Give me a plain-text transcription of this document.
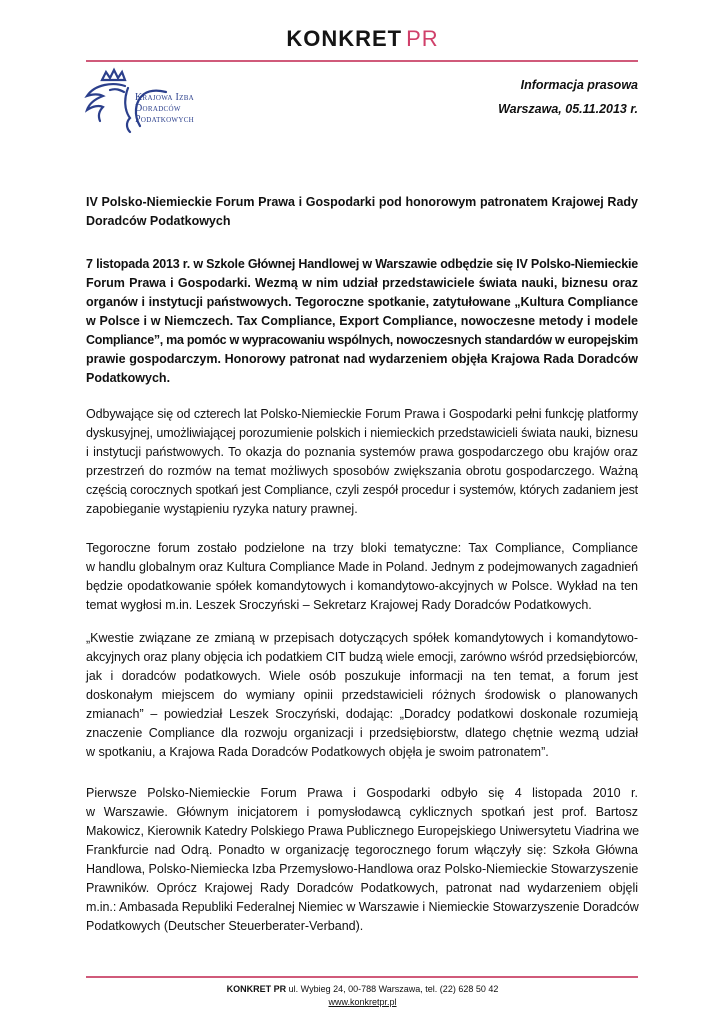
KONKRET PR
Krajowa Izba
Doradców
Podatkowych
Informacja prasowa
Warszawa, 05.11.2013 r.
IV Polsko-Niemieckie Forum Prawa i Gospodarki pod honorowym patronatem Krajowej Rady
Doradców Podatkowych
7 listopada 2013 r. w Szkole Głównej Handlowej w Warszawie odbędzie się IV Polsko-Niemieckie
Forum Prawa i Gospodarki. Wezmą w nim udział przedstawiciele świata nauki, biznesu oraz
organów i instytucji państwowych. Tegoroczne spotkanie, zatytułowane „Kultura Compliance
w Polsce i w Niemczech. Tax Compliance, Export Compliance, nowoczesne metody i modele
Compliance”, ma pomóc w wypracowaniu wspólnych, nowoczesnych standardów w europejskim
prawie gospodarczym. Honorowy patronat nad wydarzeniem objęła Krajowa Rada Doradców
Podatkowych.
Odbywające się od czterech lat Polsko-Niemieckie Forum Prawa i Gospodarki pełni funkcję platformy
dyskusyjnej, umożliwiającej porozumienie polskich i niemieckich przedstawicieli świata nauki, biznesu
i instytucji państwowych. To okazja do poznania systemów prawa gospodarczego obu krajów oraz
przestrzeń do rozmów na temat możliwych sposobów zwiększania obrotu gospodarczego. Ważną
częścią corocznych spotkań jest Compliance, czyli zespół procedur i systemów, których zadaniem jest
zapobieganie wystąpieniu ryzyka natury prawnej.
Tegoroczne forum zostało podzielone na trzy bloki tematyczne: Tax Compliance, Compliance
w handlu globalnym oraz Kultura Compliance Made in Poland. Jednym z podejmowanych zagadnień
będzie opodatkowanie spółek komandytowych i komandytowo-akcyjnych w Polsce. Wykład na ten
temat wygłosi m.in. Leszek Sroczyński – Sekretarz Krajowej Rady Doradców Podatkowych.
„Kwestie związane ze zmianą w przepisach dotyczących spółek komandytowych i komandytowo-
akcyjnych oraz plany objęcia ich podatkiem CIT budzą wiele emocji, zarówno wśród przedsiębiorców,
jak i doradców podatkowych. Wiele osób poszukuje informacji na ten temat, a forum jest
doskonałym miejscem do wymiany opinii przedstawicieli różnych środowisk o planowanych
zmianach” – powiedział Leszek Sroczyński, dodając: „Doradcy podatkowi doskonale rozumieją
znaczenie Compliance dla rozwoju organizacji i przedsiębiorstw, dlatego chętnie wezmą udział
w spotkaniu, a Krajowa Rada Doradców Podatkowych objęła je swoim patronatem”.
Pierwsze Polsko-Niemieckie Forum Prawa i Gospodarki odbyło się 4 listopada 2010 r.
w Warszawie. Głównym inicjatorem i pomysłodawcą cyklicznych spotkań jest prof. Bartosz
Makowicz, Kierownik Katedry Polskiego Prawa Publicznego Europejskiego Uniwersytetu Viadrina we
Frankfurcie nad Odrą. Ponadto w organizację tegorocznego forum włączyły się: Szkoła Główna
Handlowa, Polsko-Niemiecka Izba Przemysłowo-Handlowa oraz Polsko-Niemieckie Stowarzyszenie
Prawników. Oprócz Krajowej Rady Doradców Podatkowych, patronat nad wydarzeniem objęli
m.in.: Ambasada Republiki Federalnej Niemiec w Warszawie i Niemieckie Stowarzyszenie Doradców
Podatkowych (Deutscher Steuerberater-Verband).
KONKRET PR ul. Wybieg 24, 00-788 Warszawa, tel. (22) 628 50 42
www.konkretpr.pl
